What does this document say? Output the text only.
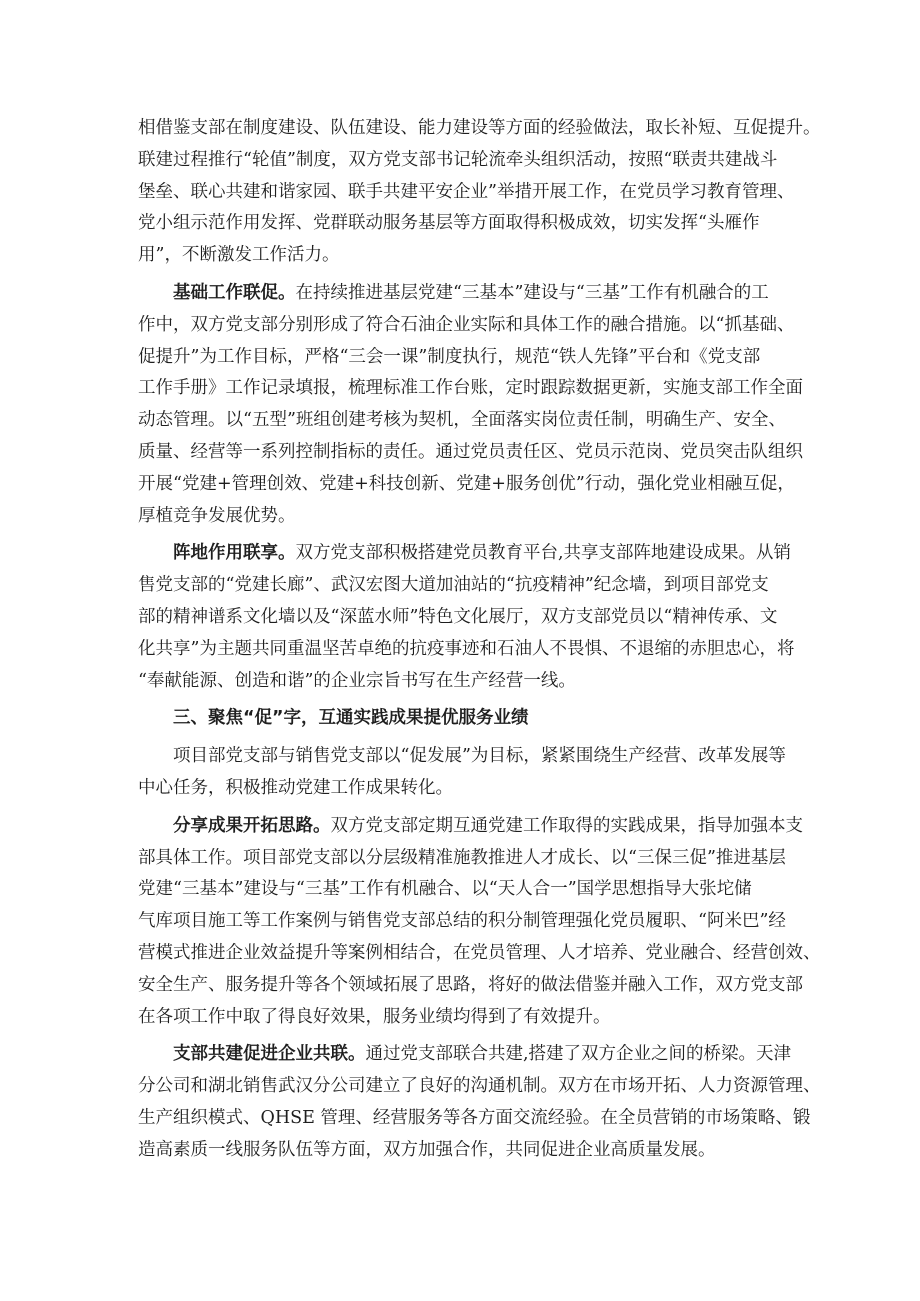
相借鉴支部在制度建设、队伍建设、能力建设等方面的经验做法，取长补短、互促提升。
联建过程推行“轮值”制度，双方党支部书记轮流牵头组织活动，按照“联责共建战斗
堡垒、联心共建和谐家园、联手共建平安企业”举措开展工作，在党员学习教育管理、
党小组示范作用发挥、党群联动服务基层等方面取得积极成效，切实发挥“头雁作
用”，不断激发工作活力。

基础工作联促。在持续推进基层党建“三基本”建设与“三基”工作有机融合的工
作中，双方党支部分别形成了符合石油企业实际和具体工作的融合措施。以“抓基础、
促提升”为工作目标，严格“三会一课”制度执行，规范“铁人先锋”平台和《党支部
工作手册》工作记录填报，梳理标准工作台账，定时跟踪数据更新，实施支部工作全面
动态管理。以“五型”班组创建考核为契机，全面落实岗位责任制，明确生产、安全、
质量、经营等一系列控制指标的责任。通过党员责任区、党员示范岗、党员突击队组织
开展“党建+管理创效、党建+科技创新、党建+服务创优”行动，强化党业相融互促，
厚植竞争发展优势。

阵地作用联享。双方党支部积极搭建党员教育平台,共享支部阵地建设成果。从销
售党支部的“党建长廊”、武汉宏图大道加油站的“抗疫精神”纪念墙，到项目部党支
部的精神谱系文化墙以及“深蓝水师”特色文化展厅，双方支部党员以“精神传承、文
化共享”为主题共同重温坚苦卓绝的抗疫事迹和石油人不畏惧、不退缩的赤胆忠心，将
“奉献能源、创造和谐”的企业宗旨书写在生产经营一线。

三、聚焦“促”字，互通实践成果提优服务业绩

项目部党支部与销售党支部以“促发展”为目标，紧紧围绕生产经营、改革发展等
中心任务，积极推动党建工作成果转化。

分享成果开拓思路。双方党支部定期互通党建工作取得的实践成果，指导加强本支
部具体工作。项目部党支部以分层级精准施教推进人才成长、以“三保三促”推进基层
党建“三基本”建设与“三基”工作有机融合、以“天人合一”国学思想指导大张坨储
气库项目施工等工作案例与销售党支部总结的积分制管理强化党员履职、“阿米巴”经
营模式推进企业效益提升等案例相结合，在党员管理、人才培养、党业融合、经营创效、
安全生产、服务提升等各个领域拓展了思路，将好的做法借鉴并融入工作，双方党支部
在各项工作中取了得良好效果，服务业绩均得到了有效提升。

支部共建促进企业共联。通过党支部联合共建,搭建了双方企业之间的桥梁。天津
分公司和湖北销售武汉分公司建立了良好的沟通机制。双方在市场开拓、人力资源管理、
生产组织模式、QHSE 管理、经营服务等各方面交流经验。在全员营销的市场策略、锻
造高素质一线服务队伍等方面，双方加强合作，共同促进企业高质量发展。
